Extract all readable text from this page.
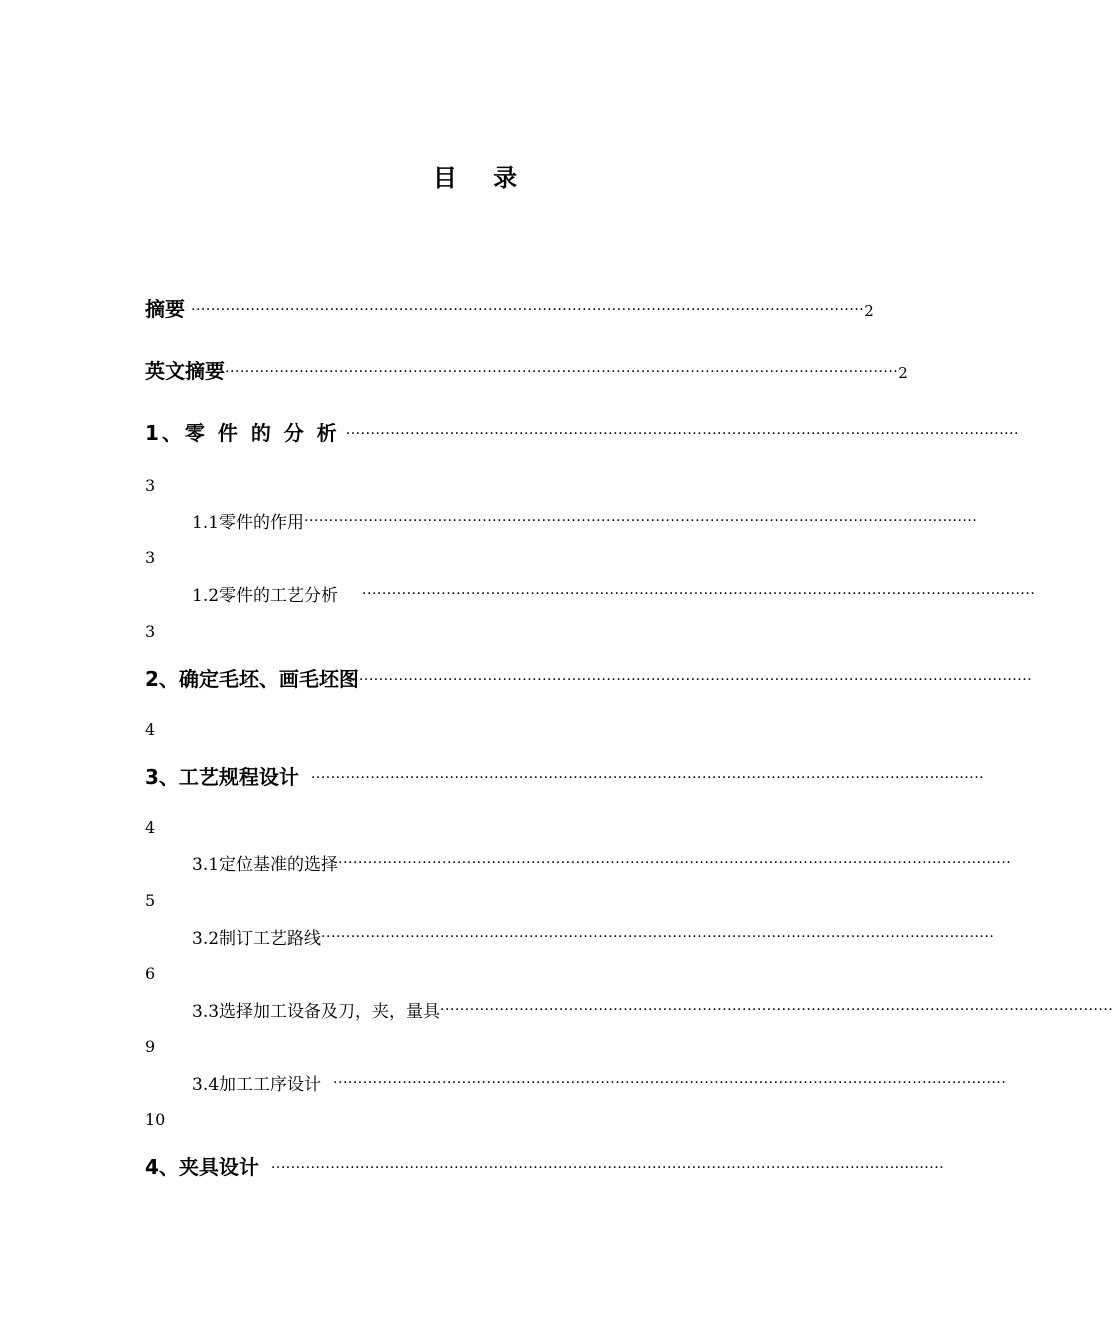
目 录
摘要 ········································································································································ 2
英文摘要 ········································································································································ 2
1、零 件 的 分 析 ········································································································································
3
1.1零件的作用 ········································································································································
3
1.2零件的工艺分析 ········································································································································
3
2、确定毛坯、画毛坯图 ········································································································································
4
3、工艺规程设计 ········································································································································
4
3.1定位基准的选择 ········································································································································
5
3.2制订工艺路线 ········································································································································
6
3.3选择加工设备及刀，夹，量具 ········································································································································
9
3.4加工工序设计 ········································································································································
10
4、夹具设计 ········································································································································
